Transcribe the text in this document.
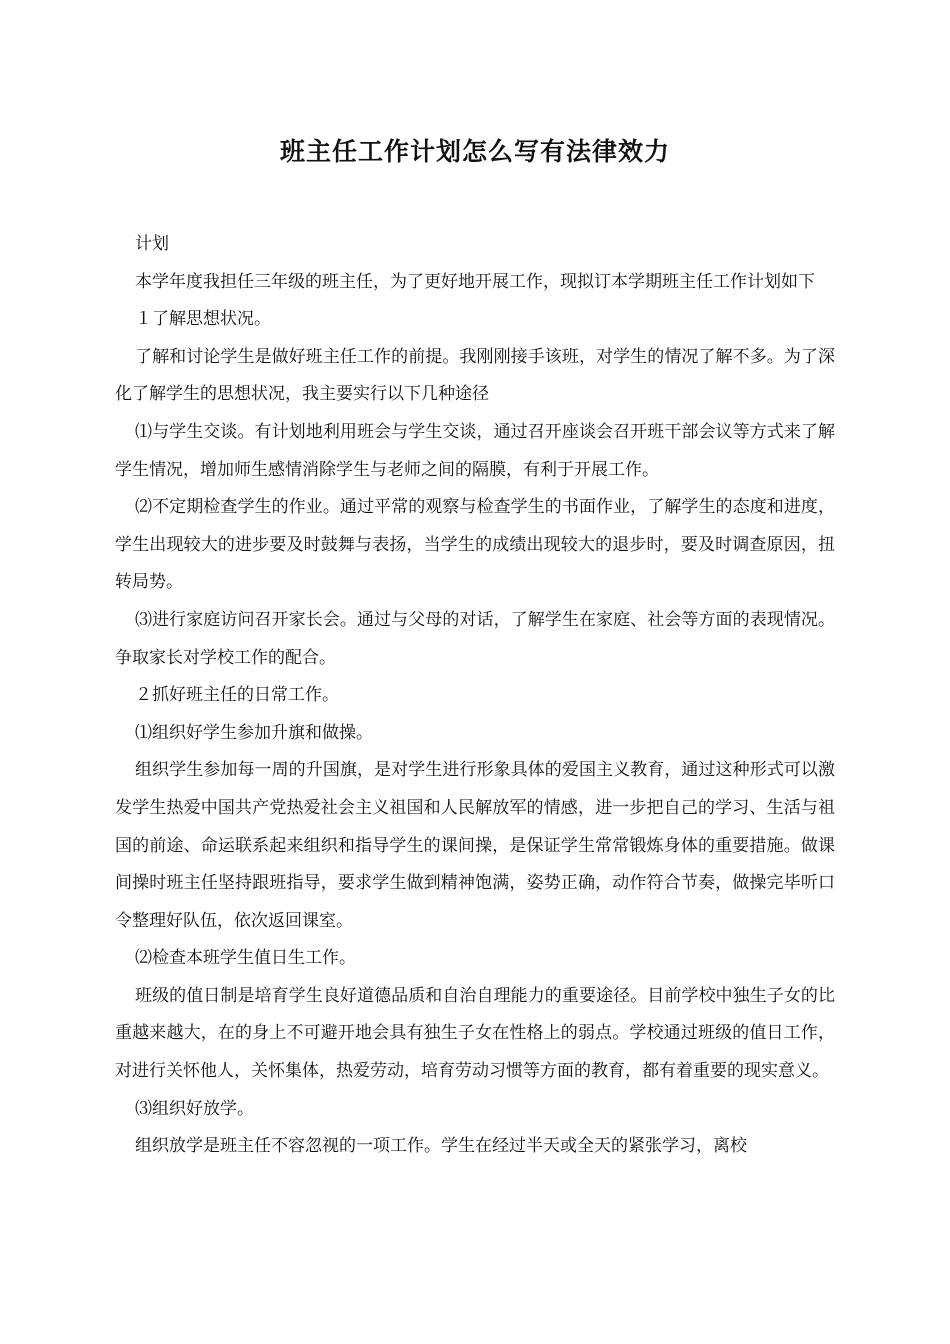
班主任工作计划怎么写有法律效力

计划

本学年度我担任三年级的班主任，为了更好地开展工作，现拟订本学期班主任工作计划如下

１了解思想状况。

了解和讨论学生是做好班主任工作的前提。我刚刚接手该班，对学生的情况了解不多。为了深化了解学生的思想状况，我主要实行以下几种途径

⑴与学生交谈。有计划地利用班会与学生交谈，通过召开座谈会召开班干部会议等方式来了解学生情况，增加师生感情消除学生与老师之间的隔膜，有利于开展工作。

⑵不定期检查学生的作业。通过平常的观察与检查学生的书面作业，了解学生的态度和进度，学生出现较大的进步要及时鼓舞与表扬，当学生的成绩出现较大的退步时，要及时调查原因，扭转局势。

⑶进行家庭访问召开家长会。通过与父母的对话，了解学生在家庭、社会等方面的表现情况。争取家长对学校工作的配合。

２抓好班主任的日常工作。

⑴组织好学生参加升旗和做操。

组织学生参加每一周的升国旗，是对学生进行形象具体的爱国主义教育，通过这种形式可以激发学生热爱中国共产党热爱社会主义祖国和人民解放军的情感，进一步把自己的学习、生活与祖国的前途、命运联系起来组织和指导学生的课间操，是保证学生常常锻炼身体的重要措施。做课间操时班主任坚持跟班指导，要求学生做到精神饱满，姿势正确，动作符合节奏，做操完毕听口令整理好队伍，依次返回课室。

⑵检查本班学生值日生工作。

班级的值日制是培育学生良好道德品质和自治自理能力的重要途径。目前学校中独生子女的比重越来越大，在的身上不可避开地会具有独生子女在性格上的弱点。学校通过班级的值日工作，对进行关怀他人，关怀集体，热爱劳动，培育劳动习惯等方面的教育，都有着重要的现实意义。

⑶组织好放学。

组织放学是班主任不容忽视的一项工作。学生在经过半天或全天的紧张学习，离校
